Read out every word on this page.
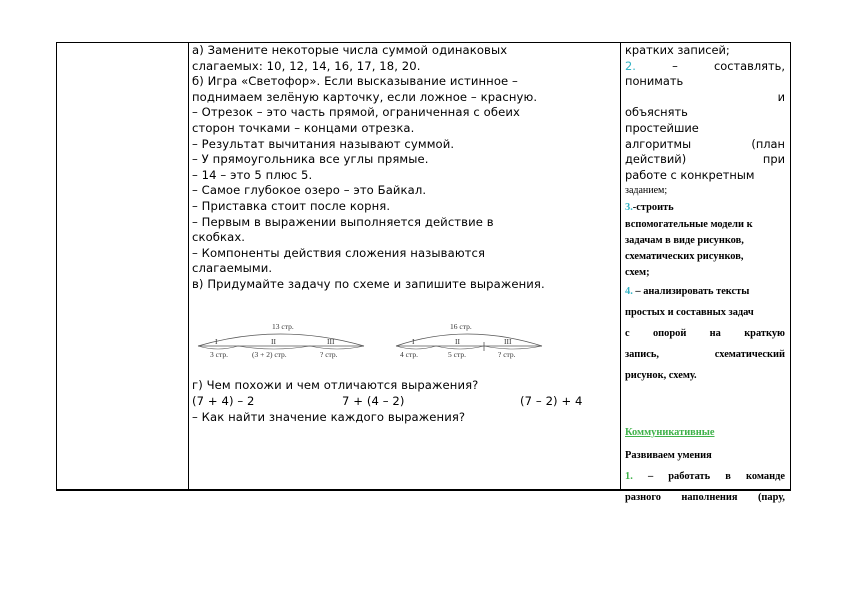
а) Замените некоторые числа суммой одинаковых
слагаемых: 10, 12, 14, 16, 17, 18, 20.
б) Игра «Светофор». Если высказывание истинное –
поднимаем зелёную карточку, если ложное – красную.
– Отрезок – это часть прямой, ограниченная с обеих
сторон точками – концами отрезка.
– Результат вычитания называют суммой.
– У прямоугольника все углы прямые.
– 14 – это 5 плюс 5.
– Самое глубокое озеро – это Байкал.
– Приставка стоит после корня.
– Первым в выражении выполняется действие в
скобках.
– Компоненты действия сложения называются
слагаемыми.
в) Придумайте задачу по схеме и запишите выражения.
13 стр.
I	II	III
3 стр.	(3 + 2) стр.	? стр.
16 стр.
I	II	III
4 стр.	5 стр.	? стр.
г) Чем похожи и чем отличаются выражения?
(7 + 4) – 2	7 + (4 – 2)	(7 – 2) + 4
– Как найти значение каждого выражения?
кратких записей;
2.	–	составлять,
понимать
и
объяснять
простейшие
алгоритмы	(план
действий)	при
работе с конкретным
заданием;
3.-строить
вспомогательные модели к
задачам в виде рисунков,
схематических рисунков,
схем;
4. – анализировать тексты
простых и составных задач
с опорой на краткую
запись,	схематический
рисунок, схему.
Коммуникативные
Развиваем умения
1. – работать в команде
разного наполнения (пару,
